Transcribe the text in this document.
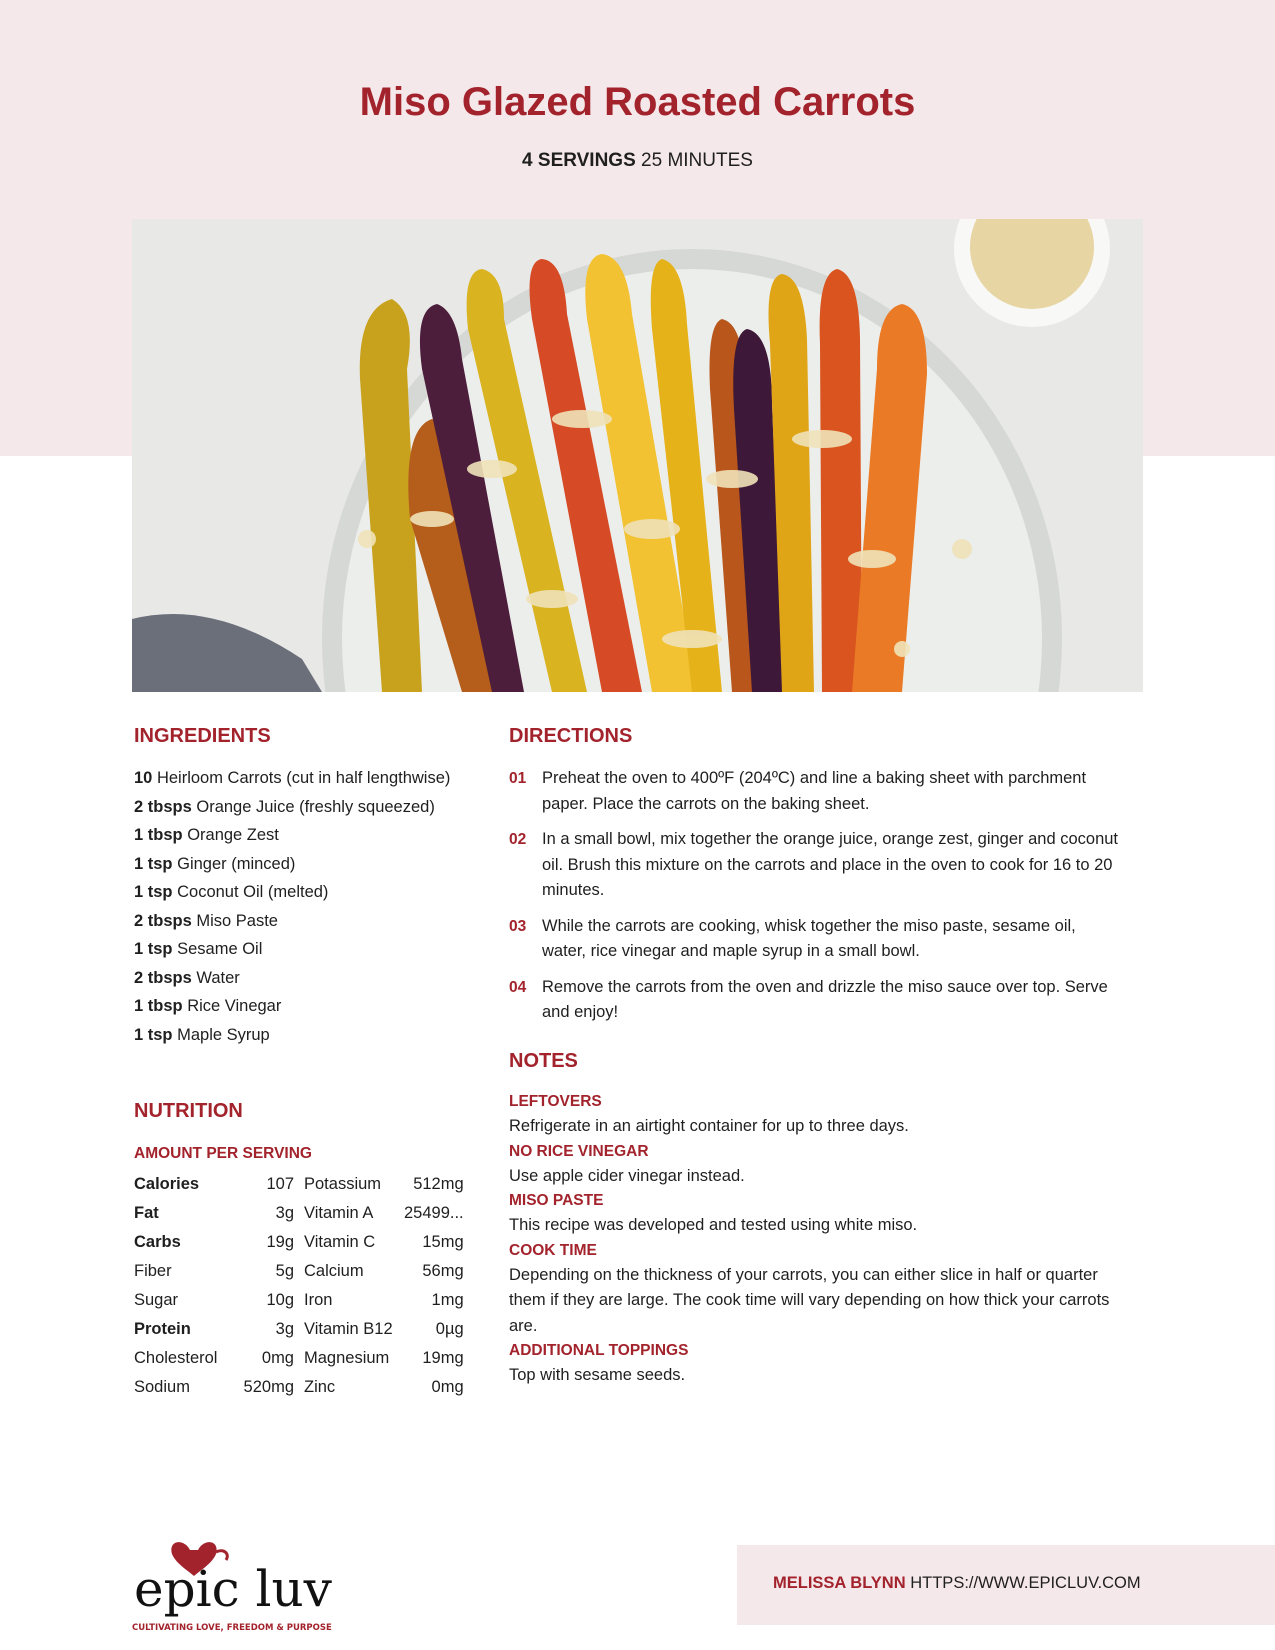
Miso Glazed Roasted Carrots
4 SERVINGS 25 MINUTES
INGREDIENTS
10 Heirloom Carrots (cut in half lengthwise)
2 tbsps Orange Juice (freshly squeezed)
1 tbsp Orange Zest
1 tsp Ginger (minced)
1 tsp Coconut Oil (melted)
2 tbsps Miso Paste
1 tsp Sesame Oil
2 tbsps Water
1 tbsp Rice Vinegar
1 tsp Maple Syrup
NUTRITION
AMOUNT PER SERVING
Calories	107	Potassium	512mg
Fat	3g	Vitamin A	25499...
Carbs	19g	Vitamin C	15mg
Fiber	5g	Calcium	56mg
Sugar	10g	Iron	1mg
Protein	3g	Vitamin B12	0µg
Cholesterol	0mg	Magnesium	19mg
Sodium	520mg	Zinc	0mg
DIRECTIONS
01 Preheat the oven to 400ºF (204ºC) and line a baking sheet with parchment paper. Place the carrots on the baking sheet.
02 In a small bowl, mix together the orange juice, orange zest, ginger and coconut oil. Brush this mixture on the carrots and place in the oven to cook for 16 to 20 minutes.
03 While the carrots are cooking, whisk together the miso paste, sesame oil, water, rice vinegar and maple syrup in a small bowl.
04 Remove the carrots from the oven and drizzle the miso sauce over top. Serve and enjoy!
NOTES
LEFTOVERS

Refrigerate in an airtight container for up to three days.

NO RICE VINEGAR

Use apple cider vinegar instead.

MISO PASTE

This recipe was developed and tested using white miso.

COOK TIME

Depending on the thickness of your carrots, you can either slice in half or quarter them if they are large. The cook time will vary depending on how thick your carrots are.

ADDITIONAL TOPPINGS

Top with sesame seeds.

epic luv
CULTIVATING LOVE, FREEDOM & PURPOSE
MELISSA BLYNN HTTPS://WWW.EPICLUV.COM
